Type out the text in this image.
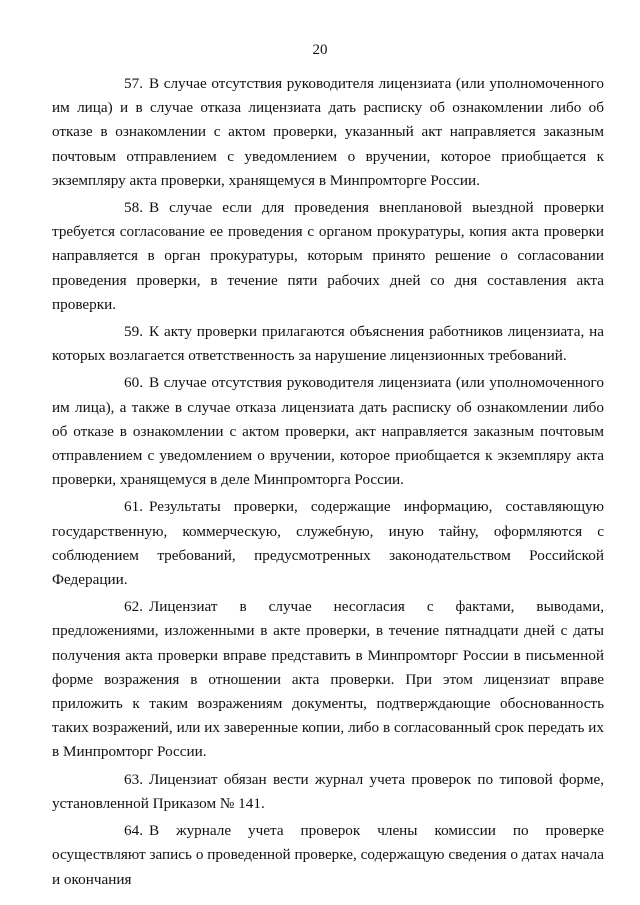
20

57. В случае отсутствия руководителя лицензиата (или уполномоченного им лица) и в случае отказа лицензиата дать расписку об ознакомлении либо об отказе в ознакомлении с актом проверки, указанный акт направляется заказным почтовым отправлением с уведомлением о вручении, которое приобщается к экземпляру акта проверки, хранящемуся в Минпромторге России.

58. В случае если для проведения внеплановой выездной проверки требуется согласование ее проведения с органом прокуратуры, копия акта проверки направляется в орган прокуратуры, которым принято решение о согласовании проведения проверки, в течение пяти рабочих дней со дня составления акта проверки.

59. К акту проверки прилагаются объяснения работников лицензиата, на которых возлагается ответственность за нарушение лицензионных требований.

60. В случае отсутствия руководителя лицензиата (или уполномоченного им лица), а также в случае отказа лицензиата дать расписку об ознакомлении либо об отказе в ознакомлении с актом проверки, акт направляется заказным почтовым отправлением с уведомлением о вручении, которое приобщается к экземпляру акта проверки, хранящемуся в деле Минпромторга России.

61. Результаты проверки, содержащие информацию, составляющую государственную, коммерческую, служебную, иную тайну, оформляются с соблюдением требований, предусмотренных законодательством Российской Федерации.

62. Лицензиат в случае несогласия с фактами, выводами, предложениями, изложенными в акте проверки, в течение пятнадцати дней с даты получения акта проверки вправе представить в Минпромторг России в письменной форме возражения в отношении акта проверки. При этом лицензиат вправе приложить к таким возражениям документы, подтверждающие обоснованность таких возражений, или их заверенные копии, либо в согласованный срок передать их в Минпромторг России.

63. Лицензиат обязан вести журнал учета проверок по типовой форме, установленной Приказом № 141.

64. В журнале учета проверок члены комиссии по проверке осуществляют запись о проведенной проверке, содержащую сведения о датах начала и окончания
